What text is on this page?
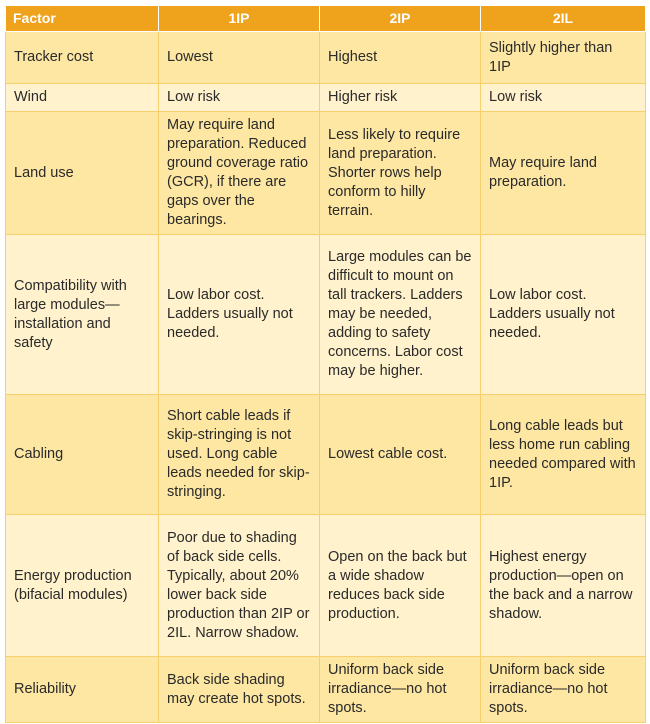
Factor	1IP	2IP	2IL
Tracker cost	Lowest	Highest	Slightly higher than 1IP
Wind	Low risk	Higher risk	Low risk
Land use	May require land preparation. Reduced ground coverage ratio (GCR), if there are gaps over the bearings.	Less likely to require land preparation. Shorter rows help conform to hilly terrain.	May require land preparation.
Compatibility with large modules—installation and safety	Low labor cost. Ladders usually not needed.	Large modules can be difficult to mount on tall trackers. Ladders may be needed, adding to safety concerns. Labor cost may be higher.	Low labor cost. Ladders usually not needed.
Cabling	Short cable leads if skip-stringing is not used. Long cable leads needed for skip-stringing.	Lowest cable cost.	Long cable leads but less home run cabling needed compared with 1IP.
Energy production (bifacial modules)	Poor due to shading of back side cells. Typically, about 20% lower back side production than 2IP or 2IL. Narrow shadow.	Open on the back but a wide shadow reduces back side production.	Highest energy production—open on the back and a narrow shadow.
Reliability	Back side shading may create hot spots.	Uniform back side irradiance—no hot spots.	Uniform back side irradiance—no hot spots.
